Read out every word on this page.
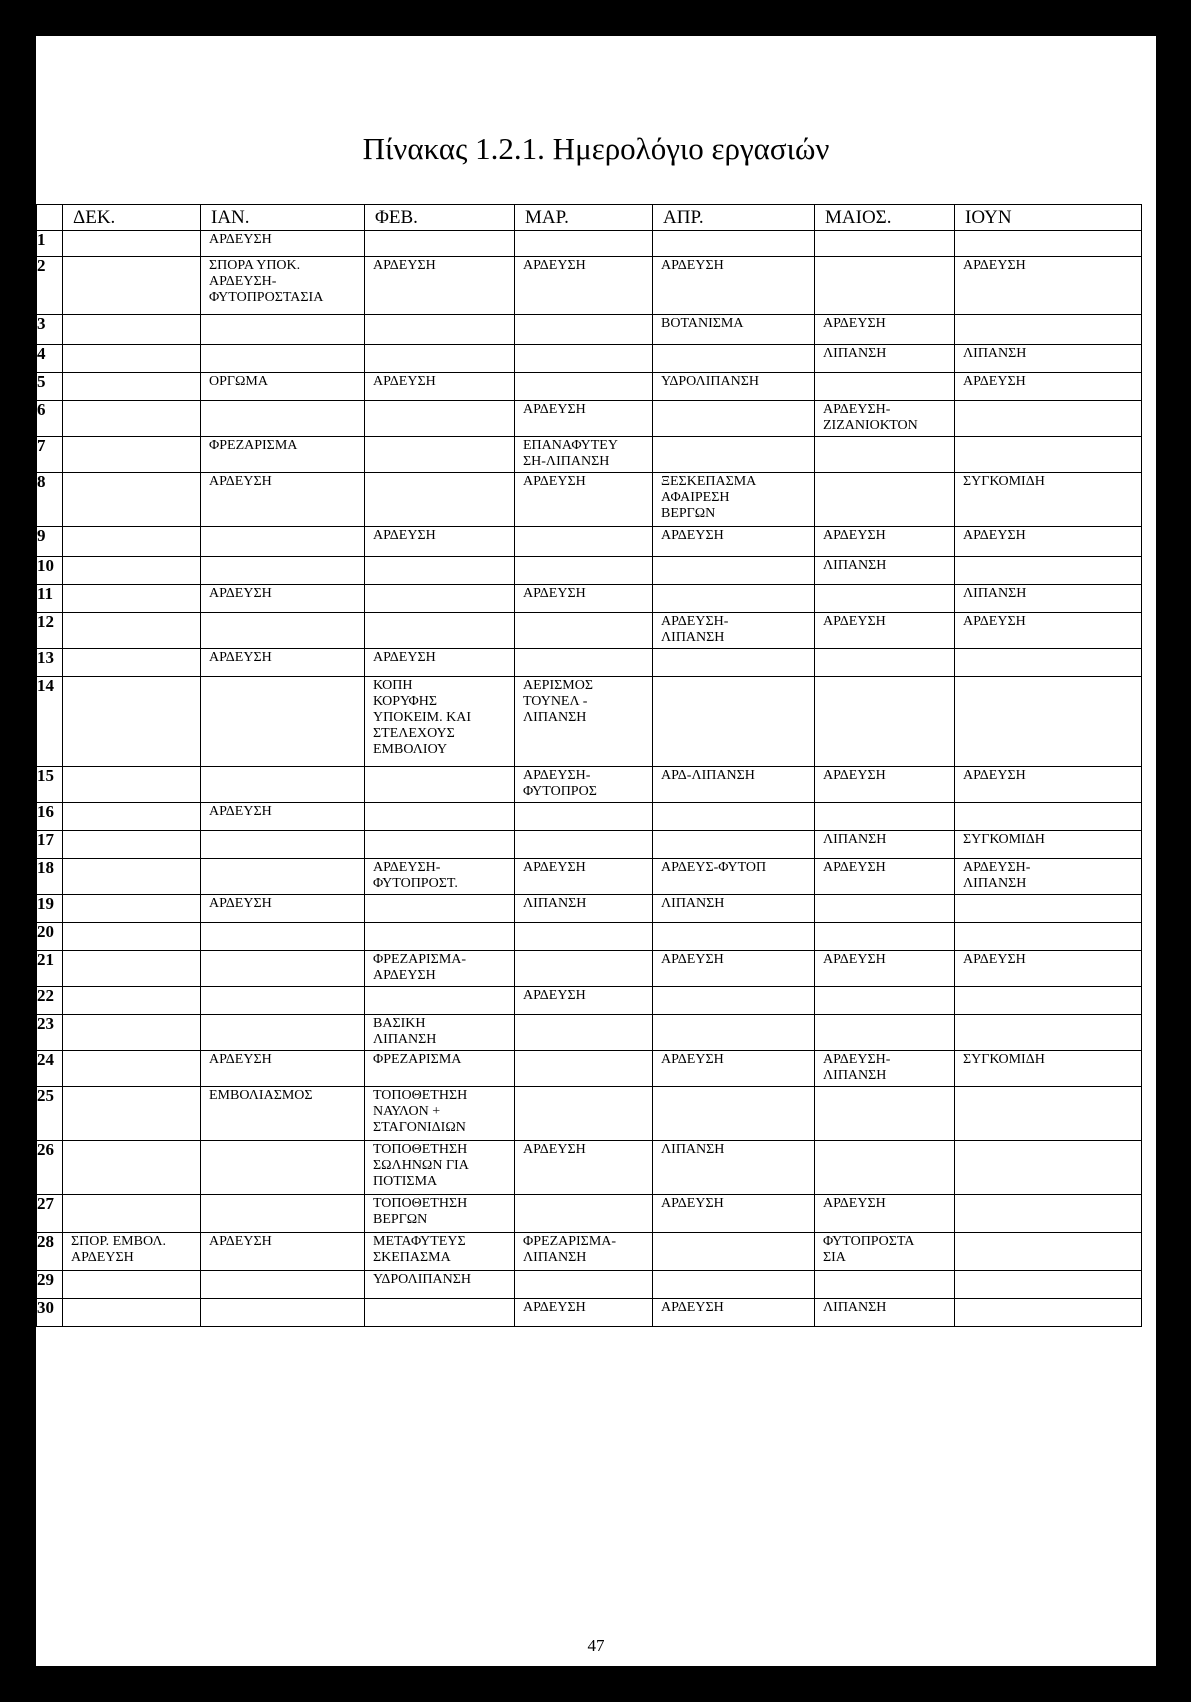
Πίνακας 1.2.1. Ημερολόγιο εργασιών
	ΔΕΚ.	ΙΑΝ.	ΦΕΒ.	ΜΑΡ.	ΑΠΡ.	ΜΑΙΟΣ.	ΙΟΥΝ
1		ΑΡΔΕΥΣΗ					
2		ΣΠΟΡΑ ΥΠΟΚ.
ΑΡΔΕΥΣΗ-
ΦΥΤΟΠΡΟΣΤΑΣΙΑ	ΑΡΔΕΥΣΗ	ΑΡΔΕΥΣΗ	ΑΡΔΕΥΣΗ		ΑΡΔΕΥΣΗ
3					ΒΟΤΑΝΙΣΜΑ	ΑΡΔΕΥΣΗ	
4						ΛΙΠΑΝΣΗ	ΛΙΠΑΝΣΗ
5		ΟΡΓΩΜΑ	ΑΡΔΕΥΣΗ		ΥΔΡΟΛΙΠΑΝΣΗ		ΑΡΔΕΥΣΗ
6				ΑΡΔΕΥΣΗ		ΑΡΔΕΥΣΗ-
ΖΙΖΑΝΙΟΚΤΟΝ	
7		ΦΡΕΖΑΡΙΣΜΑ		ΕΠΑΝΑΦΥΤΕΥ
ΣΗ-ΛΙΠΑΝΣΗ			
8		ΑΡΔΕΥΣΗ		ΑΡΔΕΥΣΗ	ΞΕΣΚΕΠΑΣΜΑ
ΑΦΑΙΡΕΣΗ
ΒΕΡΓΩΝ		ΣΥΓΚΟΜΙΔΗ
9			ΑΡΔΕΥΣΗ		ΑΡΔΕΥΣΗ	ΑΡΔΕΥΣΗ	ΑΡΔΕΥΣΗ
10						ΛΙΠΑΝΣΗ	
11		ΑΡΔΕΥΣΗ		ΑΡΔΕΥΣΗ			ΛΙΠΑΝΣΗ
12					ΑΡΔΕΥΣΗ-
ΛΙΠΑΝΣΗ	ΑΡΔΕΥΣΗ	ΑΡΔΕΥΣΗ
13		ΑΡΔΕΥΣΗ	ΑΡΔΕΥΣΗ				
14			ΚΟΠΗ
ΚΟΡΥΦΗΣ
ΥΠΟΚΕΙΜ. ΚΑΙ
ΣΤΕΛΕΧΟΥΣ
ΕΜΒΟΛΙΟΥ	ΑΕΡΙΣΜΟΣ
ΤΟΥΝΕΛ -
ΛΙΠΑΝΣΗ			
15				ΑΡΔΕΥΣΗ-
ΦΥΤΟΠΡΟΣ	ΑΡΔ-ΛΙΠΑΝΣΗ	ΑΡΔΕΥΣΗ	ΑΡΔΕΥΣΗ
16		ΑΡΔΕΥΣΗ					
17						ΛΙΠΑΝΣΗ	ΣΥΓΚΟΜΙΔΗ
18			ΑΡΔΕΥΣΗ-
ΦΥΤΟΠΡΟΣΤ.	ΑΡΔΕΥΣΗ	ΑΡΔΕΥΣ-ΦΥΤΟΠ	ΑΡΔΕΥΣΗ	ΑΡΔΕΥΣΗ-
ΛΙΠΑΝΣΗ
19		ΑΡΔΕΥΣΗ		ΛΙΠΑΝΣΗ	ΛΙΠΑΝΣΗ		
20							
21			ΦΡΕΖΑΡΙΣΜΑ-
ΑΡΔΕΥΣΗ		ΑΡΔΕΥΣΗ	ΑΡΔΕΥΣΗ	ΑΡΔΕΥΣΗ
22				ΑΡΔΕΥΣΗ			
23			ΒΑΣΙΚΗ
ΛΙΠΑΝΣΗ				
24		ΑΡΔΕΥΣΗ	ΦΡΕΖΑΡΙΣΜΑ		ΑΡΔΕΥΣΗ	ΑΡΔΕΥΣΗ-
ΛΙΠΑΝΣΗ	ΣΥΓΚΟΜΙΔΗ
25		ΕΜΒΟΛΙΑΣΜΟΣ	ΤΟΠΟΘΕΤΗΣΗ
ΝΑΥΛΟΝ +
ΣΤΑΓΟΝΙΔΙΩΝ				
26			ΤΟΠΟΘΕΤΗΣΗ
ΣΩΛΗΝΩΝ ΓΙΑ
ΠΟΤΙΣΜΑ	ΑΡΔΕΥΣΗ	ΛΙΠΑΝΣΗ		
27			ΤΟΠΟΘΕΤΗΣΗ
ΒΕΡΓΩΝ		ΑΡΔΕΥΣΗ	ΑΡΔΕΥΣΗ	
28	ΣΠΟΡ. ΕΜΒΟΛ.
ΑΡΔΕΥΣΗ	ΑΡΔΕΥΣΗ	ΜΕΤΑΦΥΤΕΥΣ
ΣΚΕΠΑΣΜΑ	ΦΡΕΖΑΡΙΣΜΑ-
ΛΙΠΑΝΣΗ		ΦΥΤΟΠΡΟΣΤΑ
ΣΙΑ	
29			ΥΔΡΟΛΙΠΑΝΣΗ				
30				ΑΡΔΕΥΣΗ	ΑΡΔΕΥΣΗ	ΛΙΠΑΝΣΗ	
47
